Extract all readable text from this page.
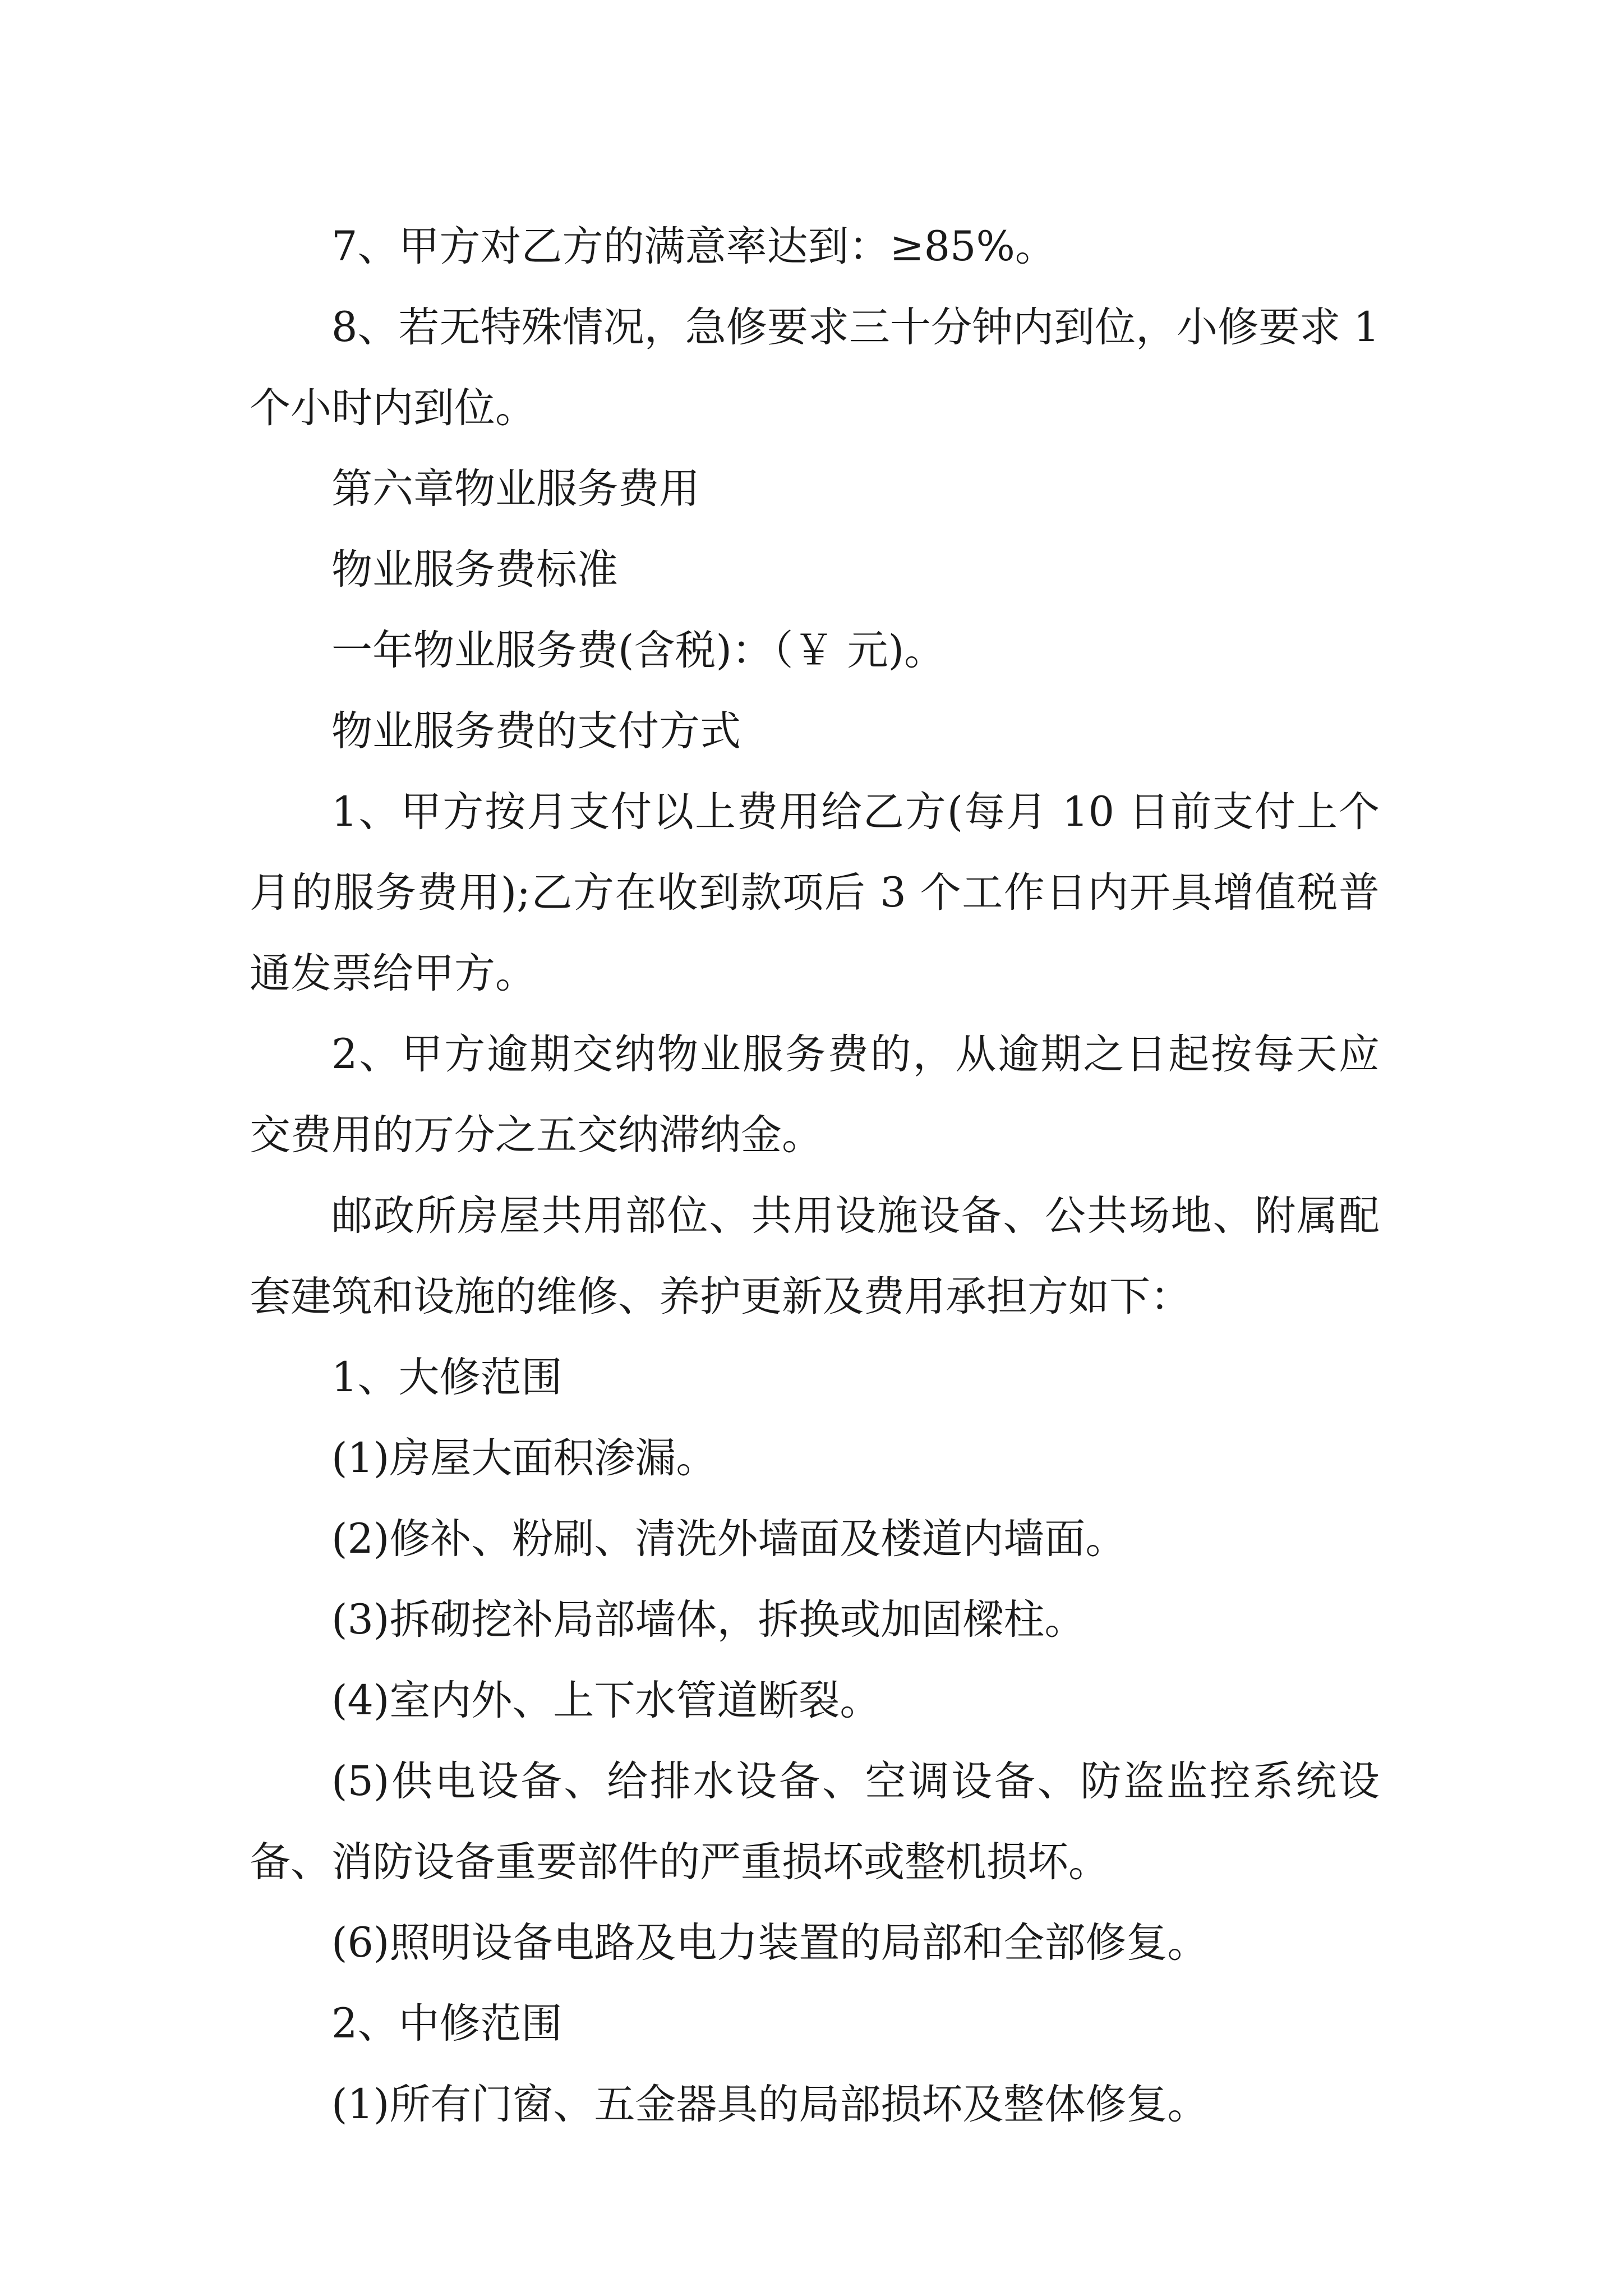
7、甲方对乙方的满意率达到：≥85%。

8、若无特殊情况，急修要求三十分钟内到位，小修要求 1 个小时内到位。

第六章物业服务费用

物业服务费标准

一年物业服务费(含税)：（￥ 元)。

物业服务费的支付方式

1、甲方按月支付以上费用给乙方(每月 10 日前支付上个月的服务费用);乙方在收到款项后 3 个工作日内开具增值税普通发票给甲方。

2、甲方逾期交纳物业服务费的，从逾期之日起按每天应交费用的万分之五交纳滞纳金。

邮政所房屋共用部位、共用设施设备、公共场地、附属配套建筑和设施的维修、养护更新及费用承担方如下：

1、大修范围

(1)房屋大面积渗漏。

(2)修补、粉刷、清洗外墙面及楼道内墙面。

(3)拆砌挖补局部墙体，拆换或加固樑柱。

(4)室内外、上下水管道断裂。

(5)供电设备、给排水设备、空调设备、防盗监控系统设备、消防设备重要部件的严重损坏或整机损坏。

(6)照明设备电路及电力装置的局部和全部修复。

2、中修范围

(1)所有门窗、五金器具的局部损坏及整体修复。
